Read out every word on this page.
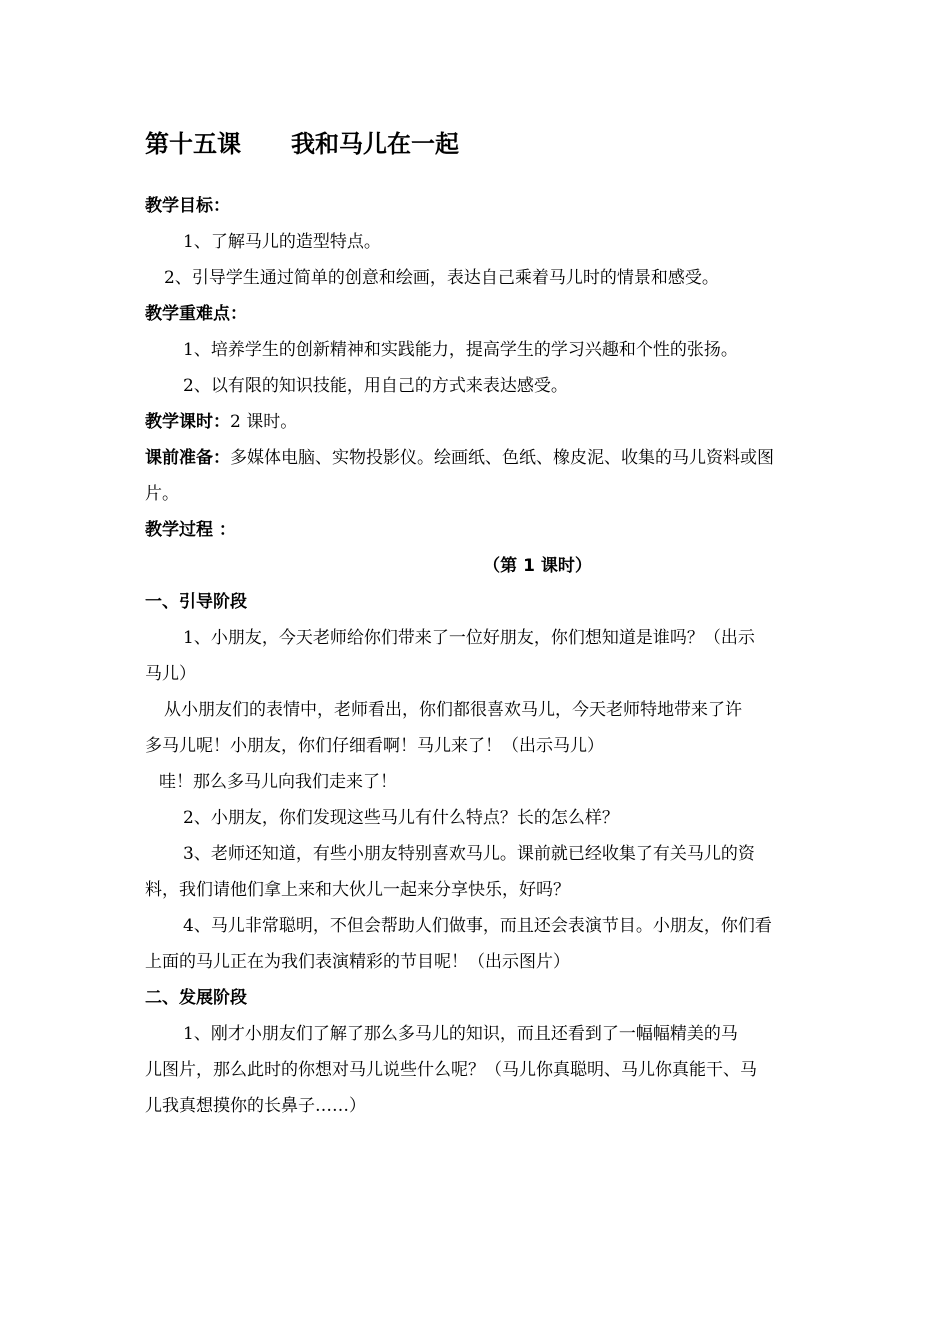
第十五课 我和马儿在一起

教学目标：

1、了解马儿的造型特点。

2、引导学生通过简单的创意和绘画，表达自己乘着马儿时的情景和感受。

教学重难点：

1、培养学生的创新精神和实践能力，提高学生的学习兴趣和个性的张扬。

2、以有限的知识技能，用自己的方式来表达感受。

教学课时：2 课时。

课前准备：多媒体电脑、实物投影仪。绘画纸、色纸、橡皮泥、收集的马儿资料或图

片。

教学过程 ：

（第 1 课时）

一、引导阶段

1、小朋友，今天老师给你们带来了一位好朋友，你们想知道是谁吗？（出示

马儿）

从小朋友们的表情中，老师看出，你们都很喜欢马儿，今天老师特地带来了许

多马儿呢！小朋友，你们仔细看啊！马儿来了！（出示马儿）

哇！那么多马儿向我们走来了！

2、小朋友，你们发现这些马儿有什么特点？长的怎么样？

3、老师还知道，有些小朋友特别喜欢马儿。课前就已经收集了有关马儿的资

料，我们请他们拿上来和大伙儿一起来分享快乐，好吗？

4、马儿非常聪明，不但会帮助人们做事，而且还会表演节目。小朋友，你们看

上面的马儿正在为我们表演精彩的节目呢！（出示图片）

二、发展阶段

1、刚才小朋友们了解了那么多马儿的知识，而且还看到了一幅幅精美的马

儿图片，那么此时的你想对马儿说些什么呢？（马儿你真聪明、马儿你真能干、马

儿我真想摸你的长鼻子……）
